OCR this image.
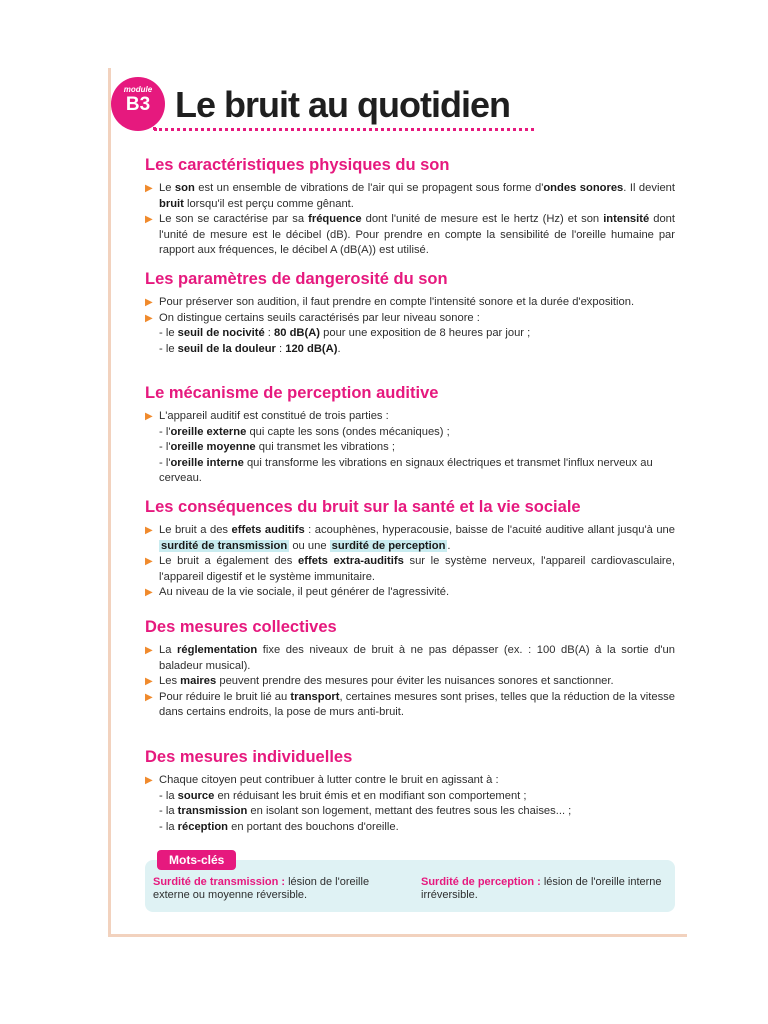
module
B3 Le bruit au quotidien
Les caractéristiques physiques du son

▶ Le son est un ensemble de vibrations de l'air qui se propagent sous forme d'ondes sonores. Il devient bruit lorsqu'il est perçu comme gênant.

▶ Le son se caractérise par sa fréquence dont l'unité de mesure est le hertz (Hz) et son intensité dont l'unité de mesure est le décibel (dB). Pour prendre en compte la sensibilité de l'oreille humaine par rapport aux fréquences, le décibel A (dB(A)) est utilisé.

Les paramètres de dangerosité du son

▶ Pour préserver son audition, il faut prendre en compte l'intensité sonore et la durée d'exposition.

▶ On distingue certains seuils caractérisés par leur niveau sonore :

- le seuil de nocivité : 80 dB(A) pour une exposition de 8 heures par jour ;

- le seuil de la douleur : 120 dB(A).

Le mécanisme de perception auditive

▶ L'appareil auditif est constitué de trois parties :

- l'oreille externe qui capte les sons (ondes mécaniques) ;

- l'oreille moyenne qui transmet les vibrations ;

- l'oreille interne qui transforme les vibrations en signaux électriques et transmet l'influx nerveux au cerveau.

Les conséquences du bruit sur la santé et la vie sociale

▶ Le bruit a des effets auditifs : acouphènes, hyperacousie, baisse de l'acuité auditive allant jusqu'à une surdité de transmission ou une surdité de perception .

▶ Le bruit a également des effets extra-auditifs sur le système nerveux, l'appareil cardiovasculaire, l'appareil digestif et le système immunitaire.

▶ Au niveau de la vie sociale, il peut générer de l'agressivité.

Des mesures collectives

▶ La réglementation fixe des niveaux de bruit à ne pas dépasser (ex. : 100 dB(A) à la sortie d'un baladeur musical).

▶ Les maires peuvent prendre des mesures pour éviter les nuisances sonores et sanctionner.

▶ Pour réduire le bruit lié au transport, certaines mesures sont prises, telles que la réduction de la vitesse dans certains endroits, la pose de murs anti-bruit.

Des mesures individuelles

▶ Chaque citoyen peut contribuer à lutter contre le bruit en agissant à :

- la source en réduisant les bruit émis et en modifiant son comportement ;

- la transmission en isolant son logement, mettant des feutres sous les chaises... ;

- la réception en portant des bouchons d'oreille.

Mots-clés
Surdité de transmission : lésion de l'oreille externe ou moyenne réversible.
Surdité de perception : lésion de l'oreille interne irréversible.
